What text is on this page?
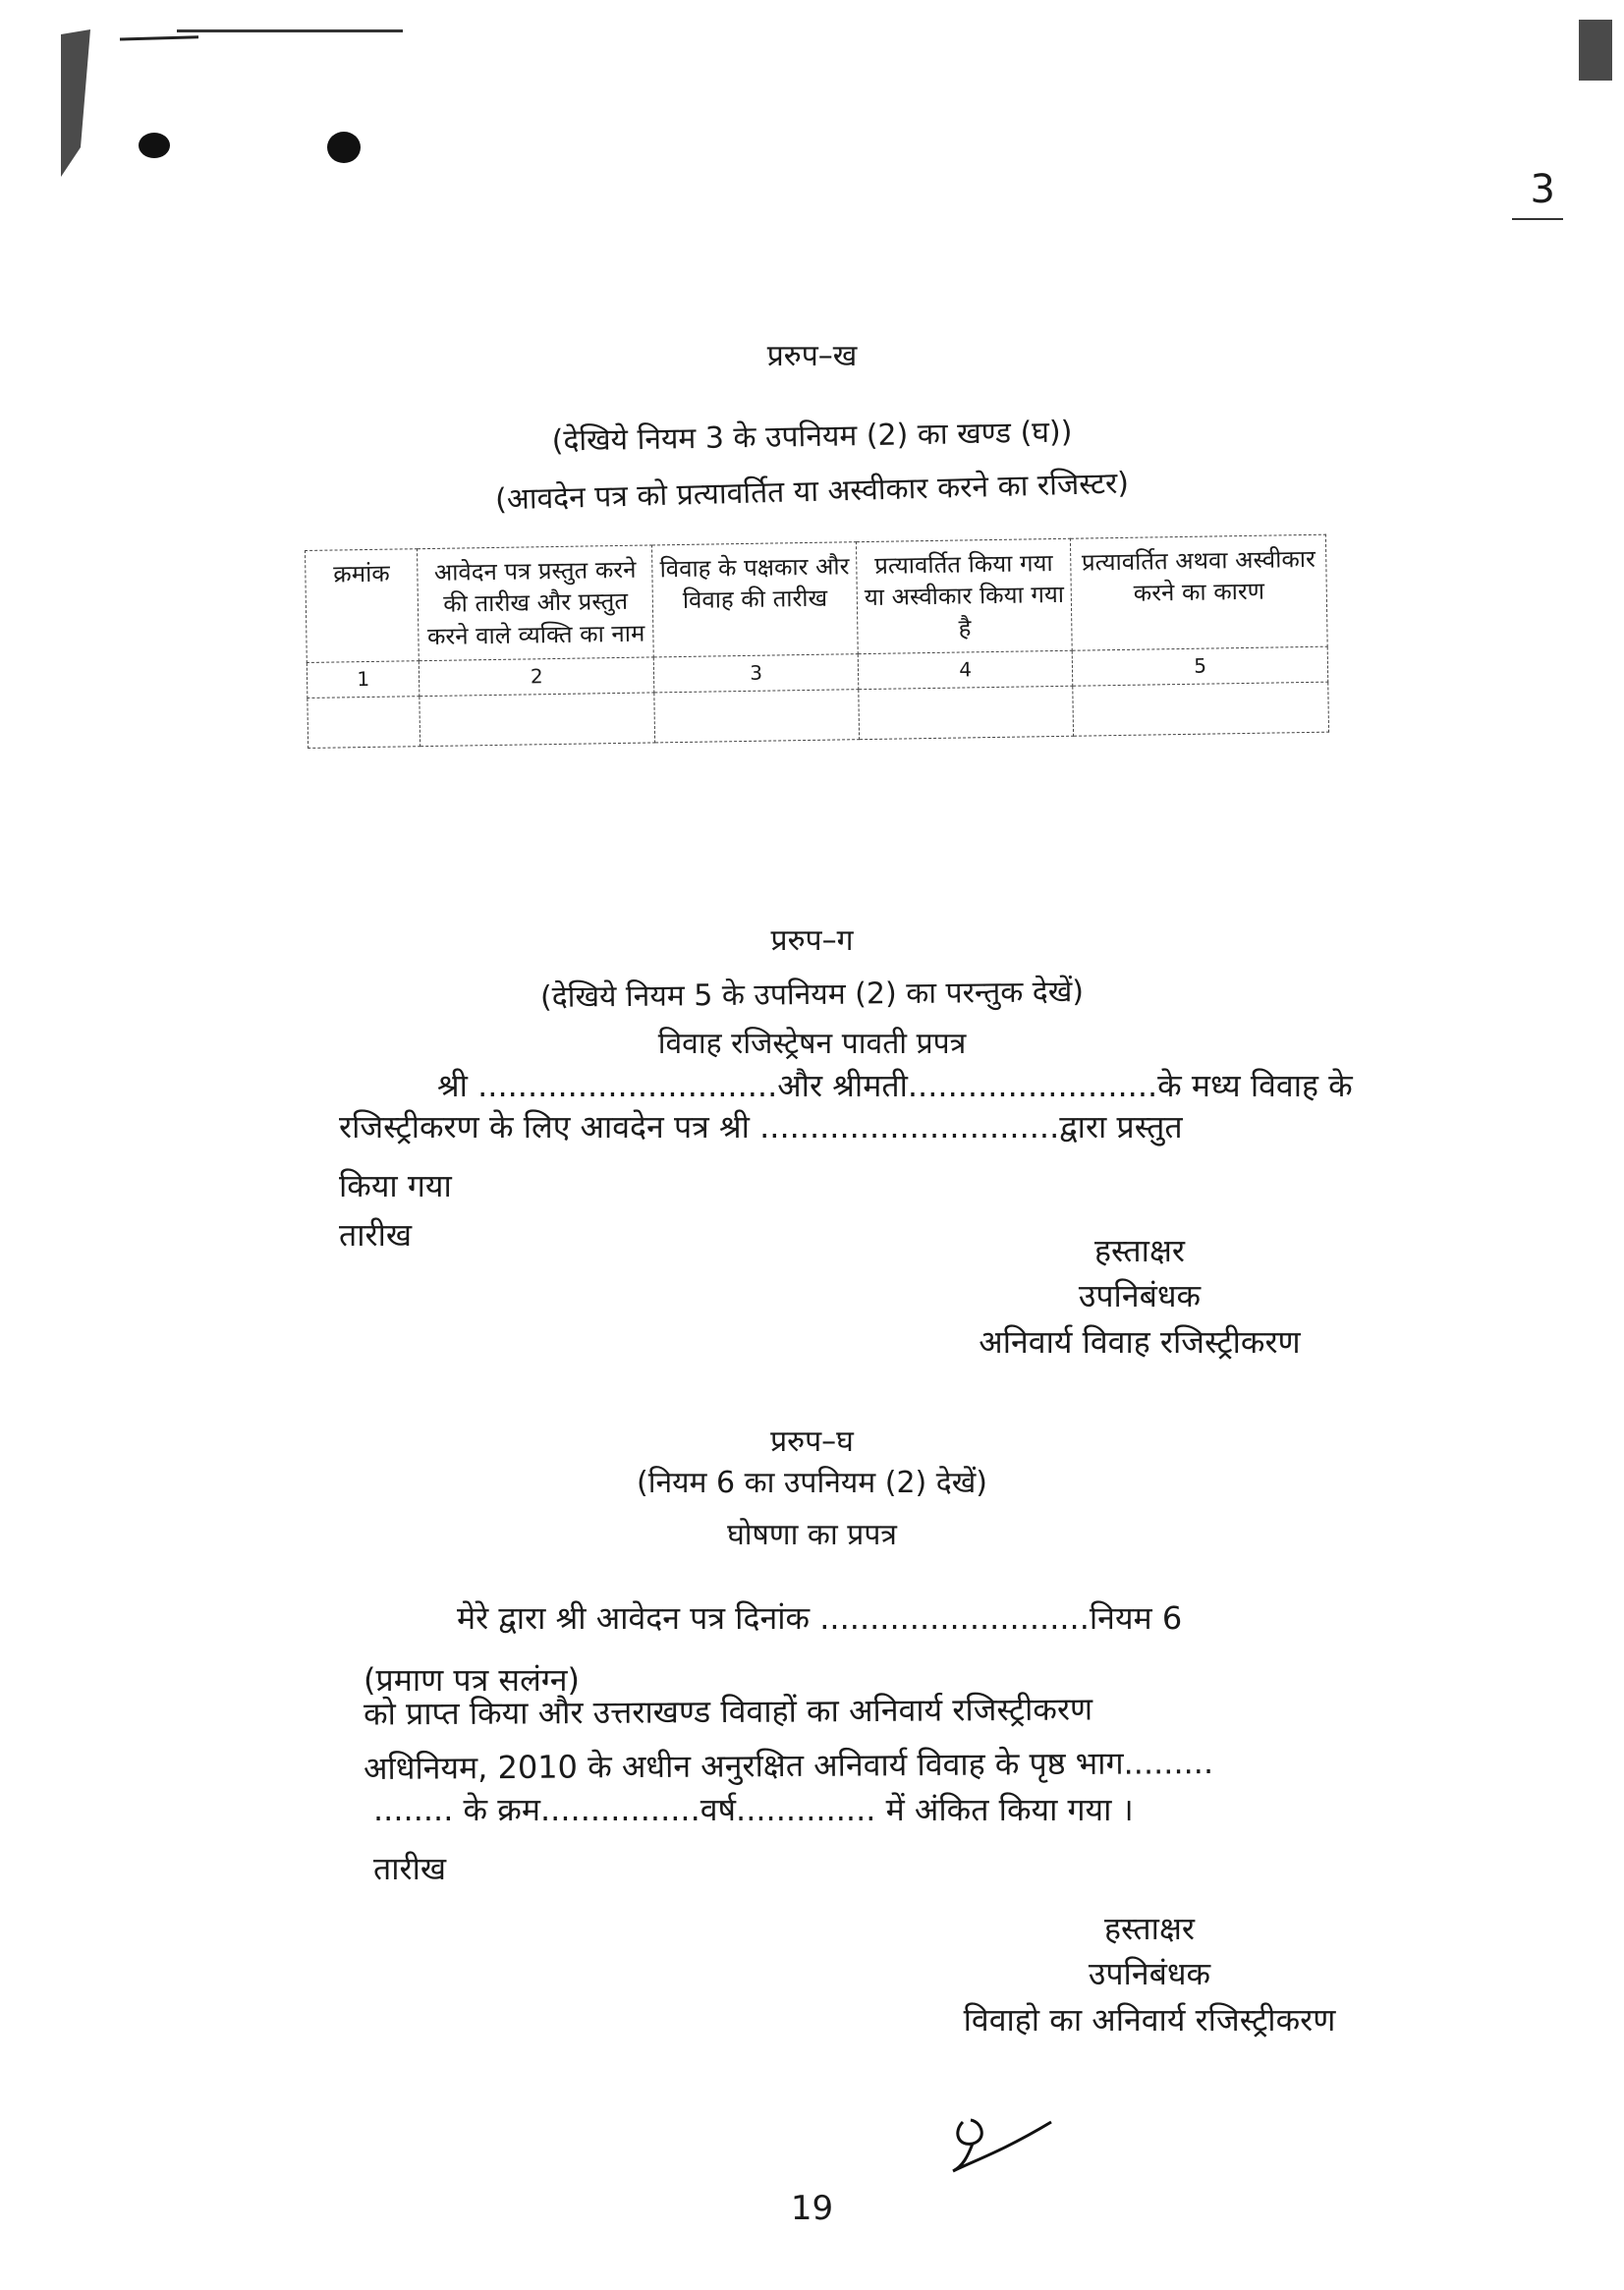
3
प्ररुप–ख
(देखिये नियम 3 के उपनियम (2) का खण्ड (घ))
(आवदेन पत्र को प्रत्यावर्तित या अस्वीकार करने का रजिस्टर)
क्रमांक	आवेदन पत्र प्रस्तुत करने की तारीख और प्रस्तुत करने वाले व्यक्ति का नाम	विवाह के पक्षकार और विवाह की तारीख	प्रत्यावर्तित किया गया या अस्वीकार किया गया है	प्रत्यावर्तित अथवा अस्वीकार करने का कारण
1	2	3	4	5

प्ररुप–ग
(देखिये नियम 5 के उपनियम (2) का परन्तुक देखें)
विवाह रजिस्ट्रेषन पावती प्रपत्र
श्री ..............................और श्रीमती.........................के मध्य विवाह के
रजिस्ट्रीकरण के लिए आवदेन पत्र श्री ..............................द्वारा प्रस्तुत
किया गया
तारीख	हस्ताक्षर
उपनिबंधक
अनिवार्य विवाह रजिस्ट्रीकरण
प्ररुप–घ
(नियम 6 का उपनियम (2) देखें)
घोषणा का प्रपत्र
मेरे द्वारा श्री आवेदन पत्र दिनांक ...........................नियम 6
(प्रमाण पत्र सलंग्न)
को प्राप्त किया और उत्तराखण्ड विवाहों का अनिवार्य रजिस्ट्रीकरण
अधिनियम, 2010 के अधीन अनुरक्षित अनिवार्य विवाह के पृष्ठ भाग.........
........ के क्रम................वर्ष.............. में अंकित किया गया ।
तारीख
हस्ताक्षर
उपनिबंधक
विवाहो का अनिवार्य रजिस्ट्रीकरण
19
